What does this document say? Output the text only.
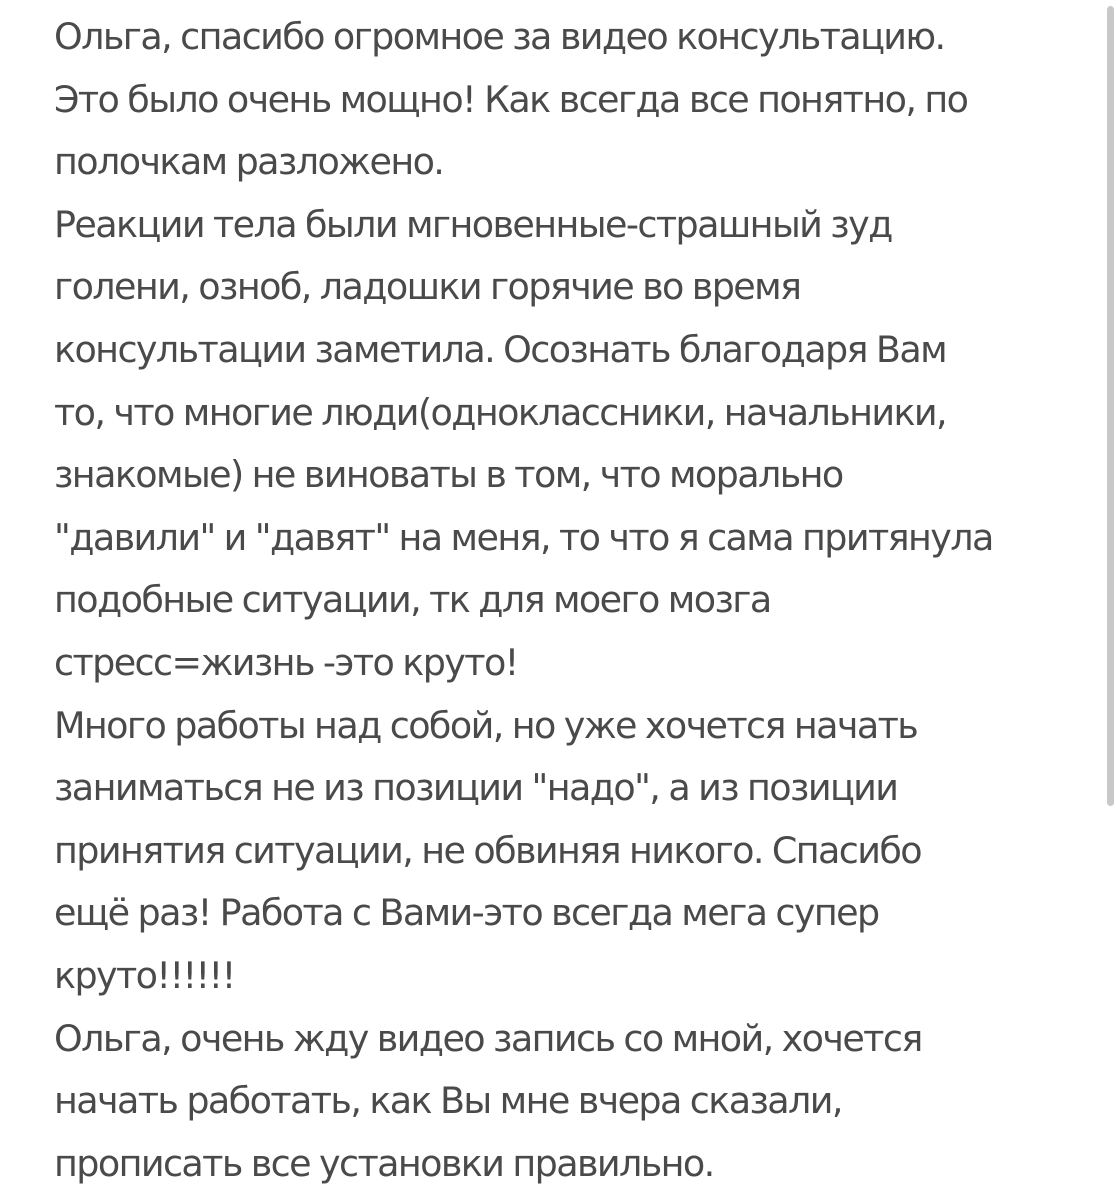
Ольга, спасибо огромное за видео консультацию.
Это было очень мощно! Как всегда все понятно, по
полочкам разложено.
Реакции тела были мгновенные-страшный зуд
голени, озноб, ладошки горячие во время
консультации заметила. Осознать благодаря Вам
то, что многие люди(одноклассники, начальники,
знакомые) не виноваты в том, что морально
"давили" и "давят" на меня, то что я сама притянула
подобные ситуации, тк для моего мозга
стресс=жизнь -это круто!
Много работы над собой, но уже хочется начать
заниматься не из позиции "надо", а из позиции
принятия ситуации, не обвиняя никого. Спасибо
ещё раз! Работа с Вами-это всегда мега супер
круто!!!!!!
Ольга, очень жду видео запись со мной, хочется
начать работать, как Вы мне вчера сказали,
прописать все установки правильно.
